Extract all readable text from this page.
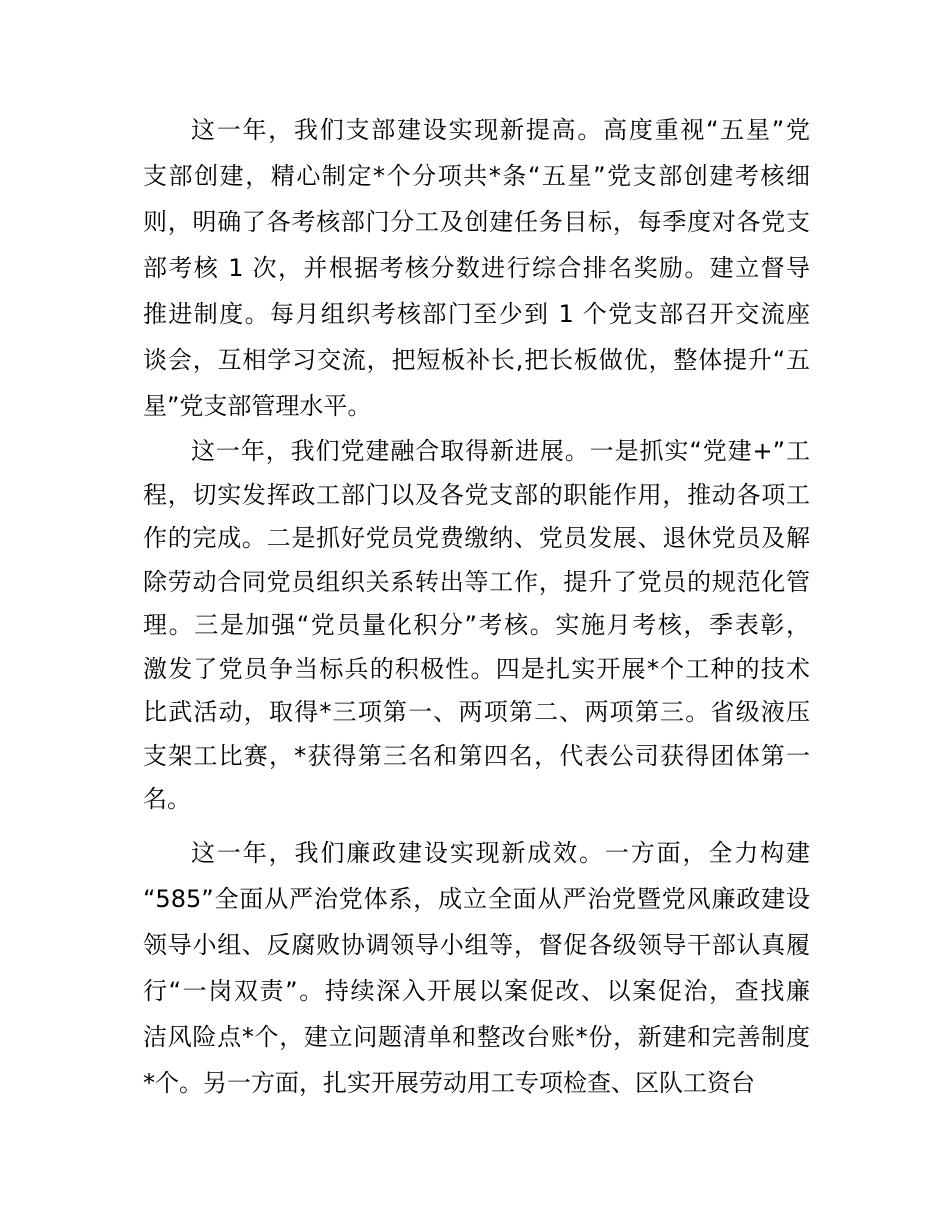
这一年，我们支部建设实现新提高。高度重视“五星”党
支部创建，精心制定*个分项共*条“五星”党支部创建考核细
则，明确了各考核部门分工及创建任务目标，每季度对各党支
部考核 1 次，并根据考核分数进行综合排名奖励。建立督导
推进制度。每月组织考核部门至少到 1 个党支部召开交流座
谈会，互相学习交流，把短板补长,把长板做优，整体提升“五
星”党支部管理水平。
这一年，我们党建融合取得新进展。一是抓实“党建+”工
程，切实发挥政工部门以及各党支部的职能作用，推动各项工
作的完成。二是抓好党员党费缴纳、党员发展、退休党员及解
除劳动合同党员组织关系转出等工作，提升了党员的规范化管
理。三是加强“党员量化积分”考核。实施月考核，季表彰，
激发了党员争当标兵的积极性。四是扎实开展*个工种的技术
比武活动，取得*三项第一、两项第二、两项第三。省级液压
支架工比赛，*获得第三名和第四名，代表公司获得团体第一
名。
这一年，我们廉政建设实现新成效。一方面，全力构建
“585”全面从严治党体系，成立全面从严治党暨党风廉政建设
领导小组、反腐败协调领导小组等，督促各级领导干部认真履
行“一岗双责”。持续深入开展以案促改、以案促治，查找廉
洁风险点*个，建立问题清单和整改台账*份，新建和完善制度
*个。另一方面，扎实开展劳动用工专项检查、区队工资台
